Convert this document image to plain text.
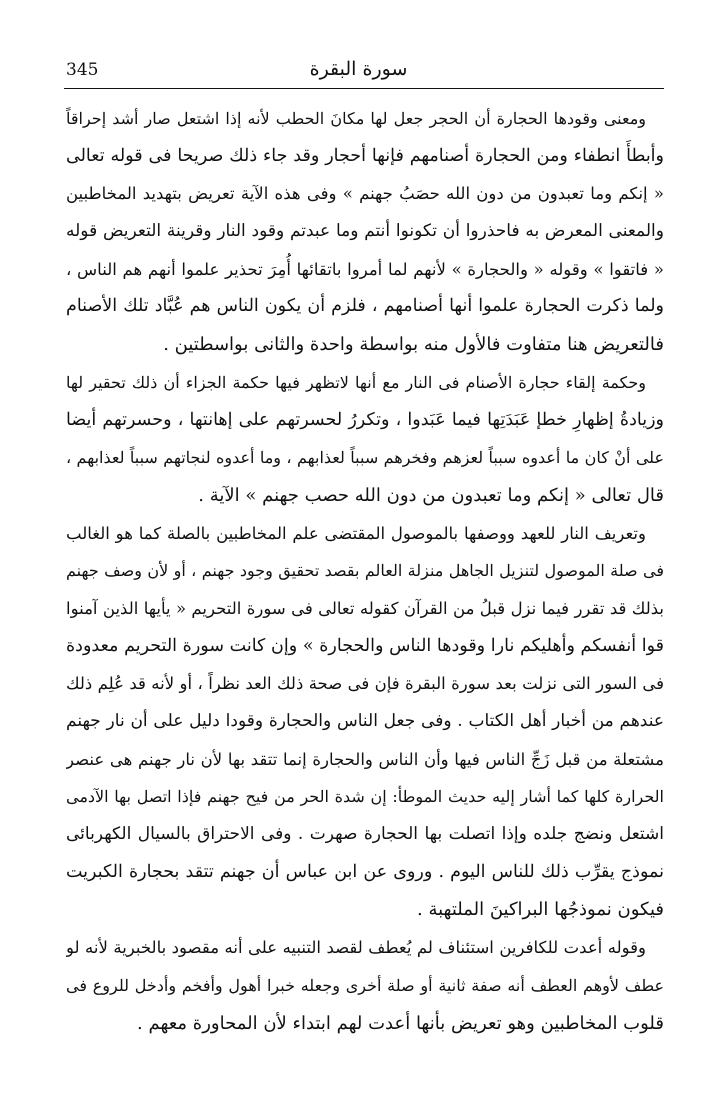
345	سورة البقرة
ومعنى وقودها الحجارة أن الحجر جعل لها مكانَ الحطب لأنه إذا اشتعل صار أشد إحراقاً
وأبطأَ انطفاء ومن الحجارة أصنامهم فإنها أحجار وقد جاء ذلك صريحا فى قوله تعالى
« إنكم وما تعبدون من دون الله حصَبُ جهنم » وفى هذه الآية تعريض بتهديد المخاطبين
والمعنى المعرض به فاحذروا أن تكونوا أنتم وما عبدتم وقود النار وقرينة التعريض قوله
« فاتقوا » وقوله « والحجارة » لأنهم لما أمروا باتقائها أُمِرَ تحذير علموا أنهم هم الناس ،
ولما ذكرت الحجارة علموا أنها أصنامهم ، فلزم أن يكون الناس هم عُبَّاد تلك الأصنام
فالتعريض هنا متفاوت فالأول منه بواسطة واحدة والثانى بواسطتين .
وحكمة إلقاء حجارة الأصنام فى النار مع أنها لاتظهر فيها حكمة الجزاء أن ذلك تحقير لها
وزيادةُ إظهارِ خطإ عَبَدَتِها فيما عَبَدوا ، وتكررُ لحسرتهم على إهانتها ، وحسرتهم أيضا
على أنْ كان ما أعدوه سبباً لعزهم وفخرهم سبباً لعذابهم ، وما أعدوه لنجاتهم سبباً لعذابهم ،
قال تعالى « إنكم وما تعبدون من دون الله حصب جهنم » الآية .
وتعريف النار للعهد ووصفها بالموصول المقتضى علم المخاطبين بالصلة كما هو الغالب
فى صلة الموصول لتنزيل الجاهل منزلة العالم بقصد تحقيق وجود جهنم ، أو لأن وصف جهنم
بذلك قد تقرر فيما نزل قبلُ من القرآن كقوله تعالى فى سورة التحريم « يأيها الذين آمنوا
قوا أنفسكم وأهليكم نارا وقودها الناس والحجارة » وإن كانت سورة التحريم معدودة
فى السور التى نزلت بعد سورة البقرة فإن فى صحة ذلك العد نظراً ، أو لأنه قد عُلِم ذلك
عندهم من أخبار أهل الكتاب . وفى جعل الناس والحجارة وقودا دليل على أن نار جهنم
مشتعلة من قبل زَجِّ الناس فيها وأن الناس والحجارة إنما تتقد بها لأن نار جهنم هى عنصر
الحرارة كلها كما أشار إليه حديث الموطأ: إن شدة الحر من فيح جهنم فإذا اتصل بها الآدمى
اشتعل ونضج جلده وإذا اتصلت بها الحجارة صهرت . وفى الاحتراق بالسيال الكهربائى
نموذج يقرِّب ذلك للناس اليوم . وروى عن ابن عباس أن جهنم تتقد بحجارة الكبريت
فيكون نموذجُها البراكينَ الملتهبة .
وقوله أعدت للكافرين استئناف لم يُعطف لقصد التنبيه على أنه مقصود بالخبرية لأنه لو
عطف لأوهم العطف أنه صفة ثانية أو صلة أخرى وجعله خبرا أهول وأفخم وأدخل للروع فى
قلوب المخاطبين وهو تعريض بأنها أعدت لهم ابتداء لأن المحاورة معهم .
